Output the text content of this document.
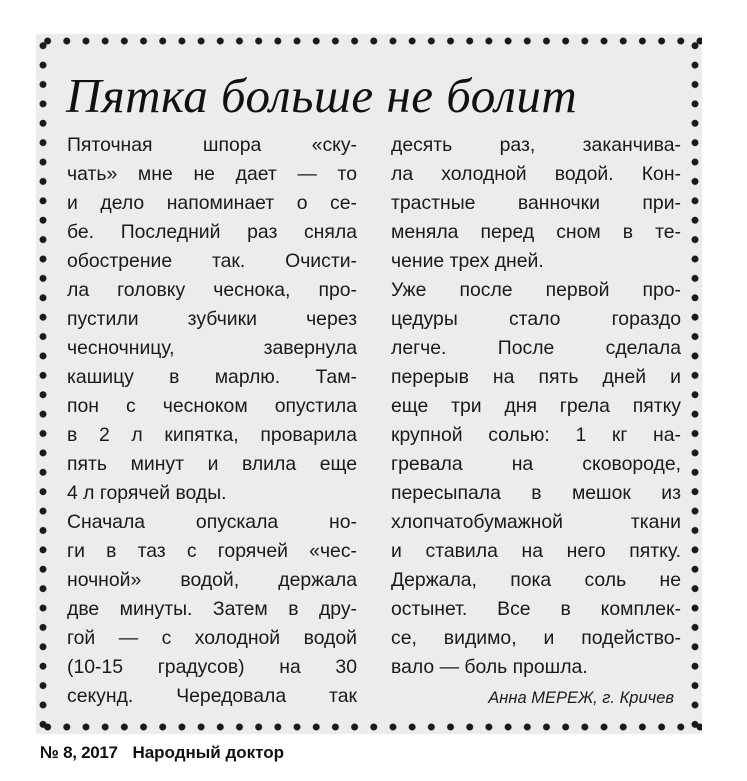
Пятка больше не болит
Пяточная шпора «ску-
чать» мне не дает — то
и дело напоминает о се-
бе. Последний раз сняла
обострение так. Очисти-
ла головку чеснока, про-
пустили зубчики через
чесночницу, завернула
кашицу в марлю. Там-
пон с чесноком опустила
в 2 л кипятка, проварила
пять минут и влила еще
4 л горячей воды.
Сначала опускала но-
ги в таз с горячей «чес-
ночной» водой, держала
две минуты. Затем в дру-
гой — с холодной водой
(10-15 градусов) на 30
секунд. Чередовала так
десять раз, заканчива-
ла холодной водой. Кон-
трастные ванночки при-
меняла перед сном в те-
чение трех дней.
Уже после первой про-
цедуры стало гораздо
легче. После сделала
перерыв на пять дней и
еще три дня грела пятку
крупной солью: 1 кг на-
гревала на сковороде,
пересыпала в мешок из
хлопчатобумажной ткани
и ставила на него пятку.
Держала, пока соль не
остынет. Все в комплек-
се, видимо, и подейство-
вало — боль прошла.
Анна МЕРЕЖ, г. Кричев
№ 8, 2017 Народный доктор
